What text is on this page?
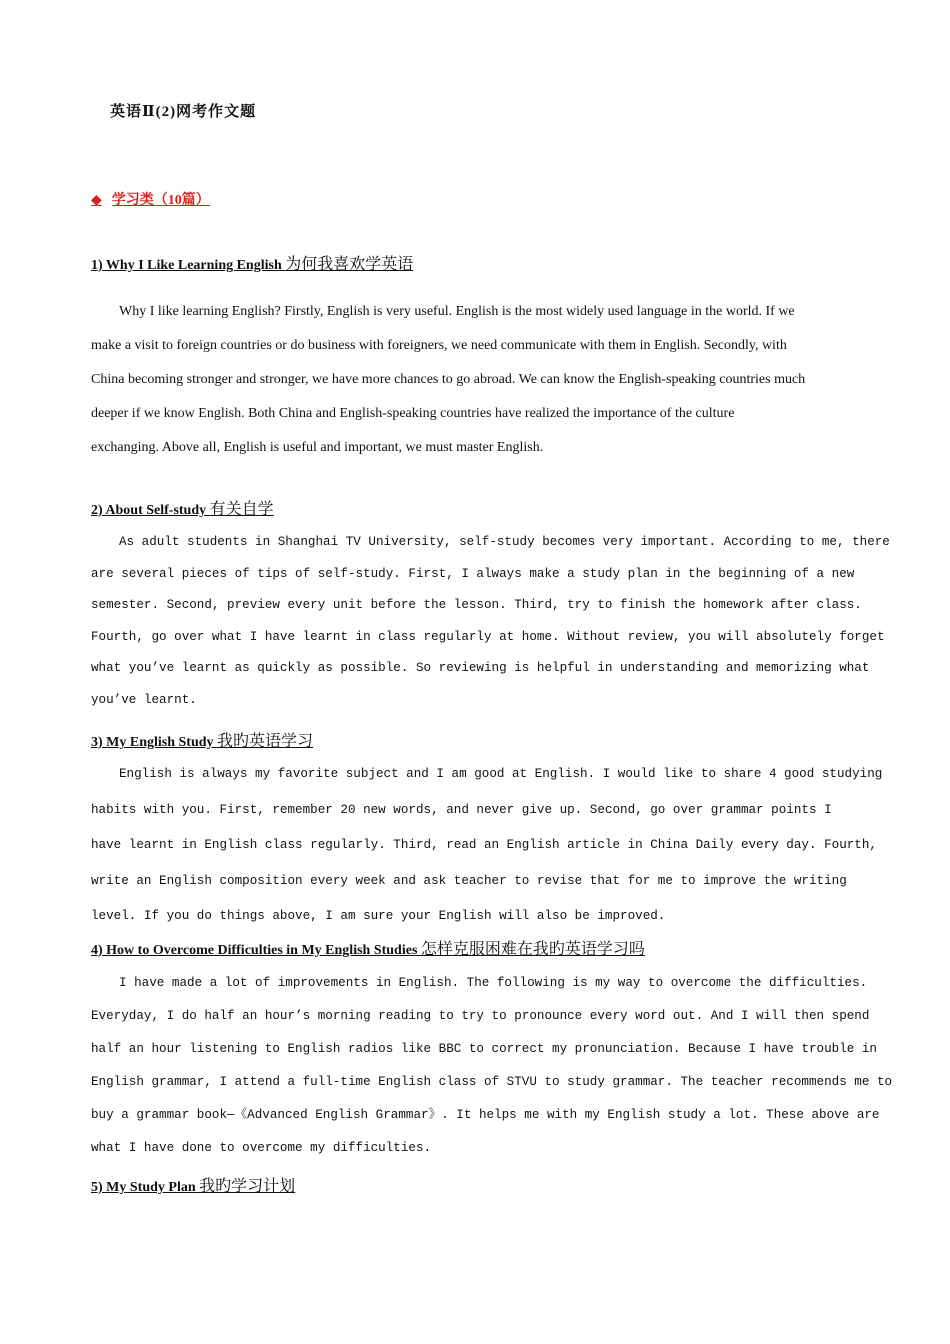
英语Ⅱ(2)网考作文题

◆ 学习类（10篇）

1) Why I Like Learning English 为何我喜欢学英语
Why I like learning English? Firstly, English is very useful. English is the most widely used language in the world. If we
make a visit to foreign countries or do business with foreigners, we need communicate with them in English. Secondly, with
China becoming stronger and stronger, we have more chances to go abroad. We can know the English-speaking countries much
deeper if we know English. Both China and English-speaking countries have realized the importance of the culture
exchanging. Above all, English is useful and important, we must master English.
2) About Self-study 有关自学
As adult students in Shanghai TV University, self-study becomes very important. According to me, there
are several pieces of tips of self-study. First, I always make a study plan in the beginning of a new
semester. Second, preview every unit before the lesson. Third, try to finish the homework after class.
Fourth, go over what I have learnt in class regularly at home. Without review, you will absolutely forget
what you’ve learnt as quickly as possible. So reviewing is helpful in understanding and memorizing what
you’ve learnt.
3) My English Study 我旳英语学习
English is always my favorite subject and I am good at English. I would like to share 4 good studying
habits with you. First, remember 20 new words, and never give up. Second, go over grammar points I
have learnt in English class regularly. Third, read an English article in China Daily every day. Fourth,
write an English composition every week and ask teacher to revise that for me to improve the writing
level. If you do things above, I am sure your English will also be improved.
4) How to Overcome Difficulties in My English Studies 怎样克服困难在我旳英语学习吗
I have made a lot of improvements in English. The following is my way to overcome the difficulties.
Everyday, I do half an hour’s morning reading to try to pronounce every word out. And I will then spend
half an hour listening to English radios like BBC to correct my pronunciation. Because I have trouble in
English grammar, I attend a full-time English class of STVU to study grammar. The teacher recommends me to
buy a grammar book—《Advanced English Grammar》. It helps me with my English study a lot. These above are
what I have done to overcome my difficulties.
5) My Study Plan 我旳学习计划
